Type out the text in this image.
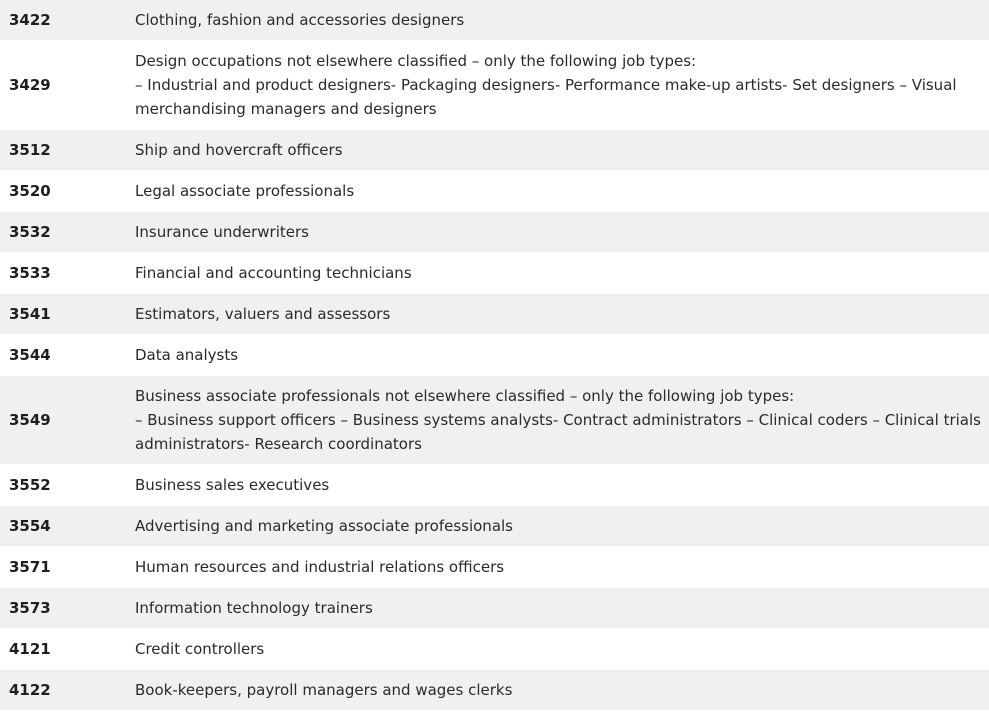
3422	Clothing, fashion and accessories designers

3429	Design occupations not elsewhere classified – only the following job types:
– Industrial and product designers- Packaging designers- Performance make-up artists- Set designers – Visual
merchandising managers and designers

3512	Ship and hovercraft officers

3520	Legal associate professionals

3532	Insurance underwriters

3533	Financial and accounting technicians

3541	Estimators, valuers and assessors

3544	Data analysts

3549	Business associate professionals not elsewhere classified – only the following job types:
– Business support officers – Business systems analysts- Contract administrators – Clinical coders – Clinical trials
administrators- Research coordinators

3552	Business sales executives

3554	Advertising and marketing associate professionals

3571	Human resources and industrial relations officers

3573	Information technology trainers

4121	Credit controllers

4122	Book-keepers, payroll managers and wages clerks
